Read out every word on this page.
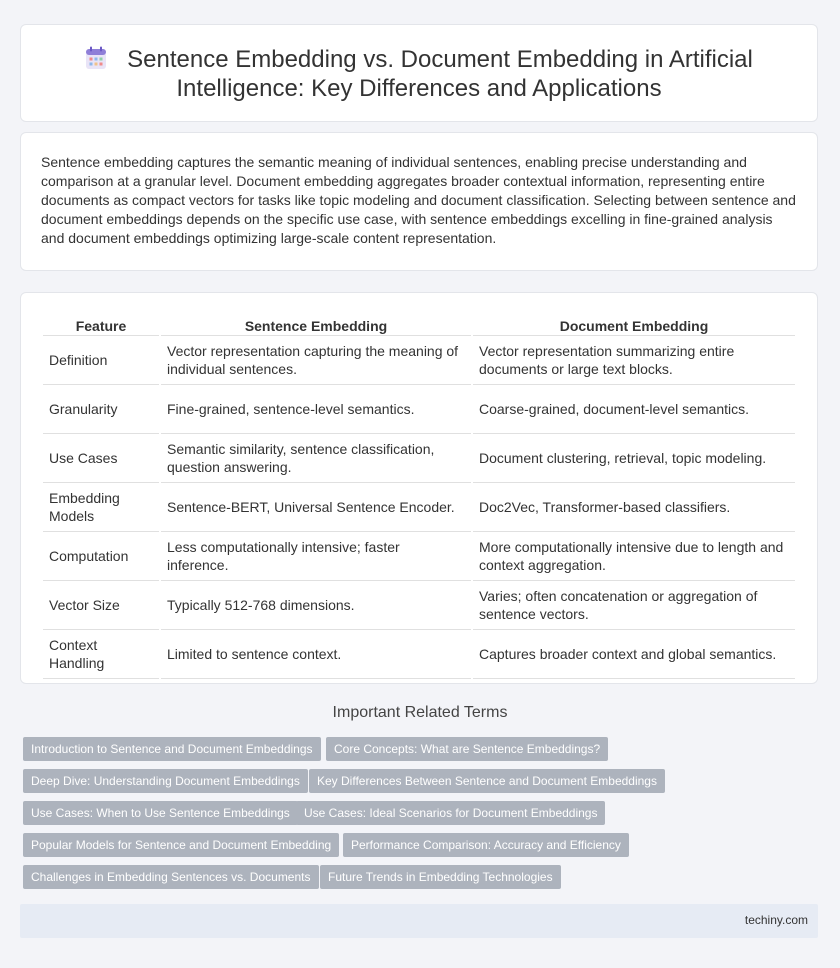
Sentence Embedding vs. Document Embedding in Artificial
Intelligence: Key Differences and Applications

Sentence embedding captures the semantic meaning of individual sentences, enabling precise understanding and comparison at a granular level. Document embedding aggregates broader contextual information, representing entire documents as compact vectors for tasks like topic modeling and document classification. Selecting between sentence and document embeddings depends on the specific use case, with sentence embeddings excelling in fine-grained analysis and document embeddings optimizing large-scale content representation.

Feature	Sentence Embedding	Document Embedding
Definition	Vector representation capturing the meaning of individual sentences.	Vector representation summarizing entire documents or large text blocks.
Granularity	Fine-grained, sentence-level semantics.	Coarse-grained, document-level semantics.
Use Cases	Semantic similarity, sentence classification, question answering.	Document clustering, retrieval, topic modeling.
Embedding Models	Sentence-BERT, Universal Sentence Encoder.	Doc2Vec, Transformer-based classifiers.
Computation	Less computationally intensive; faster inference.	More computationally intensive due to length and context aggregation.
Vector Size	Typically 512-768 dimensions.	Varies; often concatenation or aggregation of sentence vectors.
Context Handling	Limited to sentence context.	Captures broader context and global semantics.
Important Related Terms
Introduction to Sentence and Document Embeddings	Core Concepts: What are Sentence Embeddings?
Deep Dive: Understanding Document Embeddings	Key Differences Between Sentence and Document Embeddings
Use Cases: When to Use Sentence Embeddings	Use Cases: Ideal Scenarios for Document Embeddings
Popular Models for Sentence and Document Embedding	Performance Comparison: Accuracy and Efficiency
Challenges in Embedding Sentences vs. Documents	Future Trends in Embedding Technologies
techiny.com
